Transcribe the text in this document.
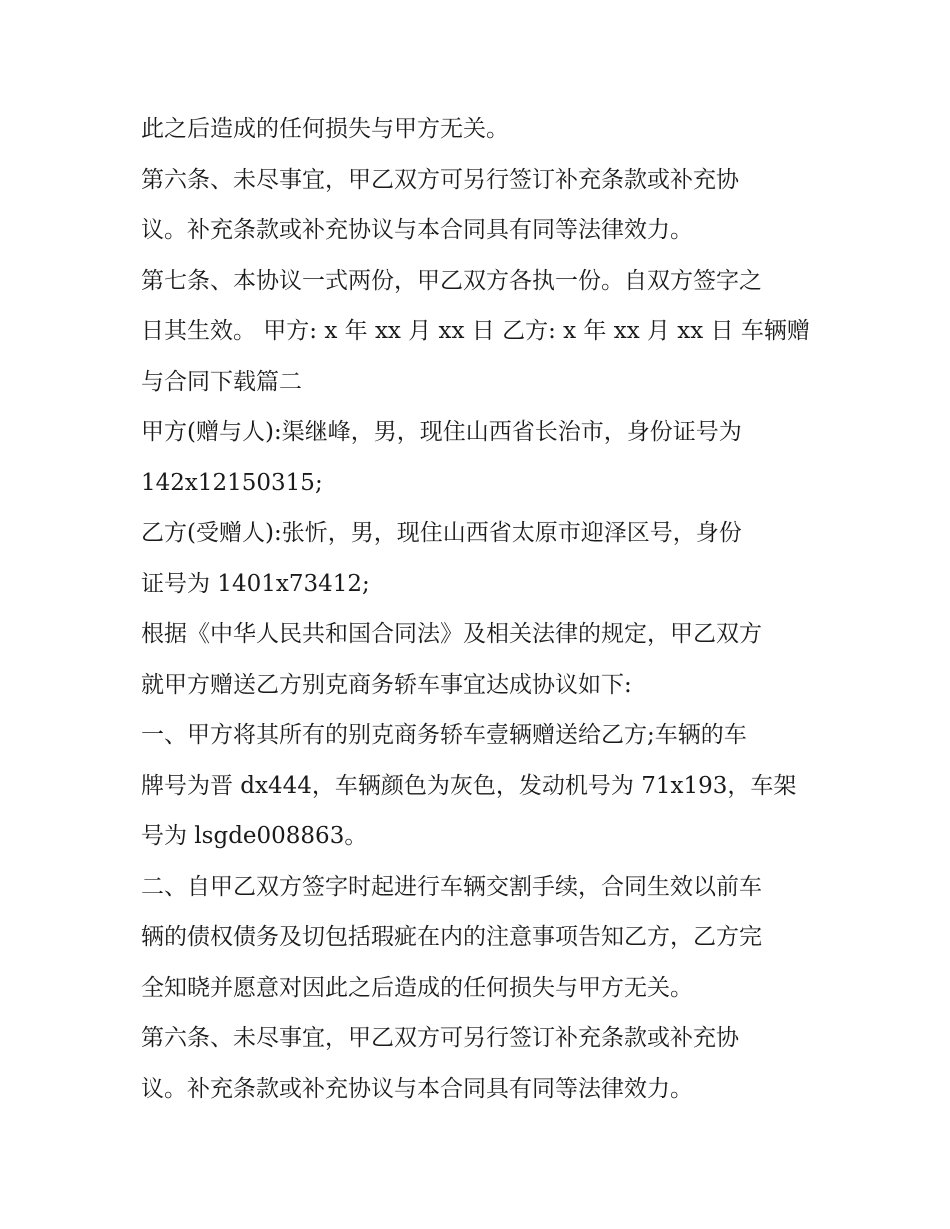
此之后造成的任何损失与甲方无关。
第六条、未尽事宜，甲乙双方可另行签订补充条款或补充协
议。补充条款或补充协议与本合同具有同等法律效力。
第七条、本协议一式两份，甲乙双方各执一份。自双方签字之
日其生效。 甲方: x 年 xx 月 xx 日 乙方: x 年 xx 月 xx 日 车辆赠
与合同下载篇二
甲方(赠与人):渠继峰，男，现住山西省长治市，身份证号为
142x12150315;
乙方(受赠人):张忻，男，现住山西省太原市迎泽区号，身份
证号为 1401x73412;
根据《中华人民共和国合同法》及相关法律的规定，甲乙双方
就甲方赠送乙方别克商务轿车事宜达成协议如下:
一、甲方将其所有的别克商务轿车壹辆赠送给乙方;车辆的车
牌号为晋 dx444，车辆颜色为灰色，发动机号为 71x193，车架
号为 lsgde008863。
二、自甲乙双方签字时起进行车辆交割手续，合同生效以前车
辆的债权债务及切包括瑕疵在内的注意事项告知乙方，乙方完
全知晓并愿意对因此之后造成的任何损失与甲方无关。
第六条、未尽事宜，甲乙双方可另行签订补充条款或补充协
议。补充条款或补充协议与本合同具有同等法律效力。
